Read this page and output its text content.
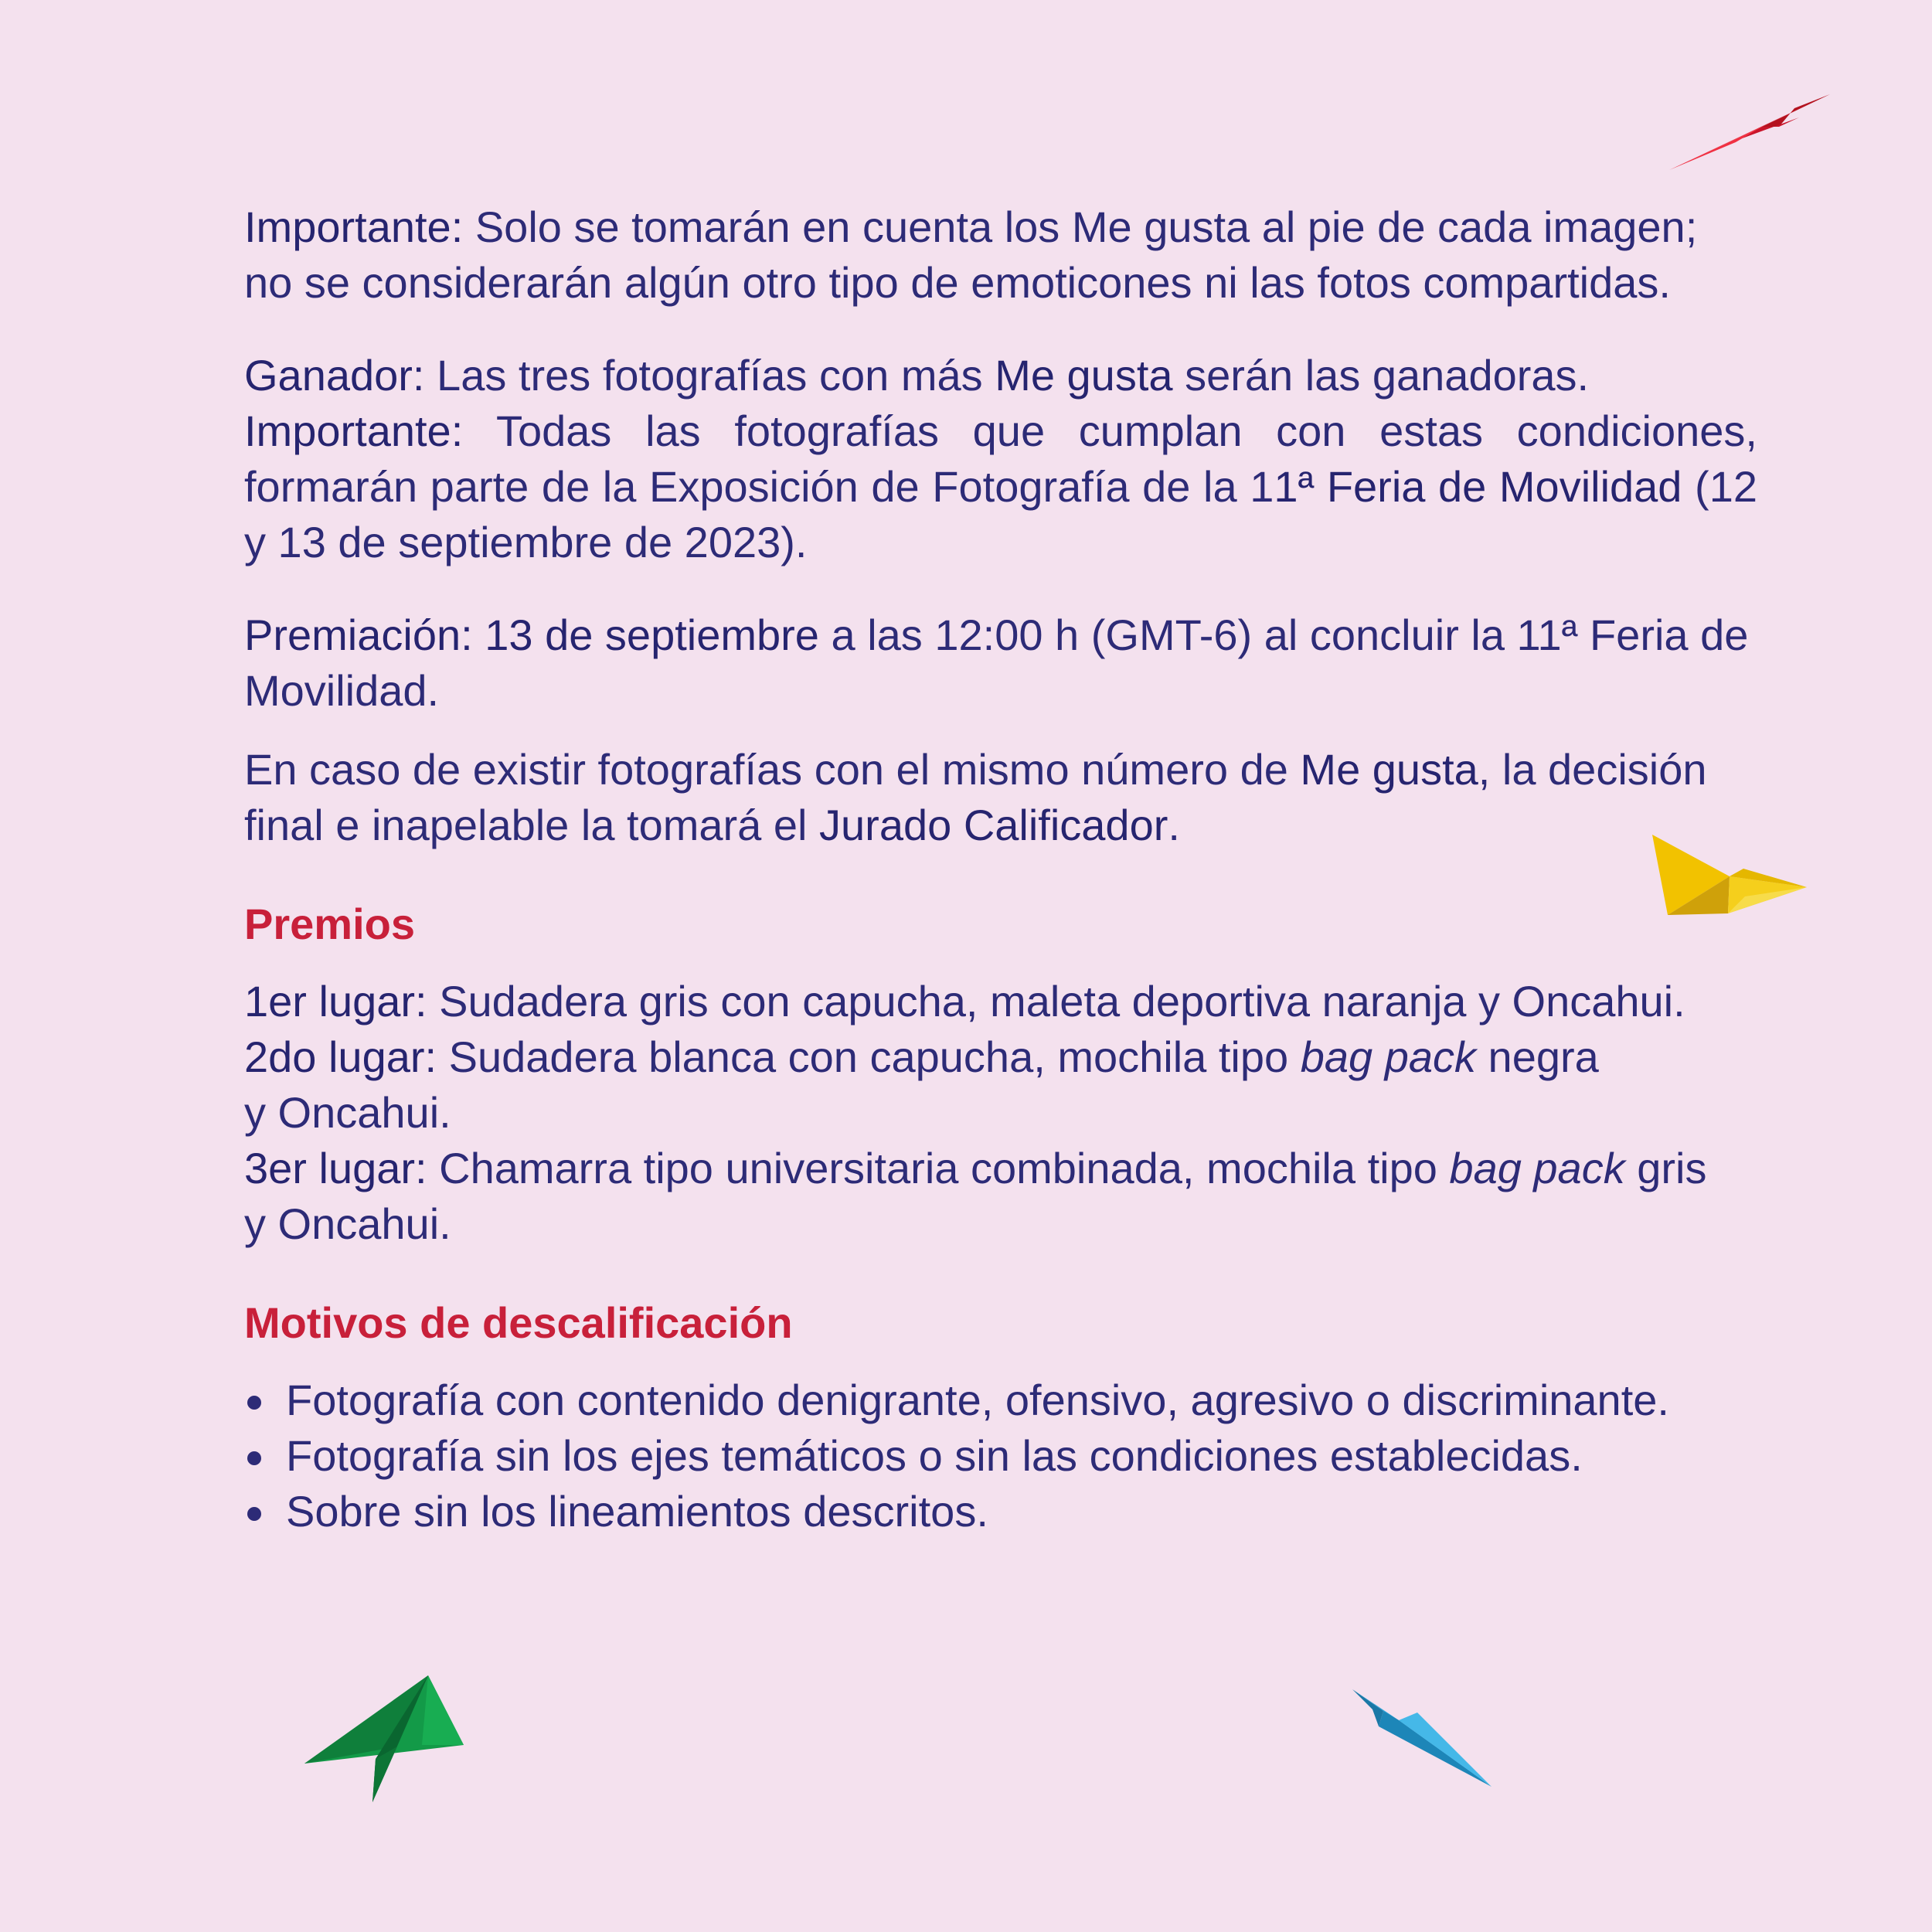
Importante: Solo se tomarán en cuenta los Me gusta al pie de cada imagen; no se considerarán algún otro tipo de emoticones ni las fotos compartidas.

Ganador: Las tres fotografías con más Me gusta serán las ganadoras.

Importante: Todas las fotografías que cumplan con estas condiciones, formarán parte de la Exposición de Fotografía de la 11ª Feria de Movilidad (12 y 13 de septiembre de 2023).

Premiación: 13 de septiembre a las 12:00 h (GMT-6) al concluir la 11ª Feria de Movilidad.

En caso de existir fotografías con el mismo número de Me gusta, la decisión final e inapelable la tomará el Jurado Calificador.

Premios

1er lugar: Sudadera gris con capucha, maleta deportiva naranja y Oncahui.

2do lugar: Sudadera blanca con capucha, mochila tipo bag pack negra
y Oncahui.

3er lugar: Chamarra tipo universitaria combinada, mochila tipo bag pack gris
y Oncahui.

Motivos de descalificación
Fotografía con contenido denigrante, ofensivo, agresivo o discriminante.
Fotografía sin los ejes temáticos o sin las condiciones establecidas.
Sobre sin los lineamientos descritos.
